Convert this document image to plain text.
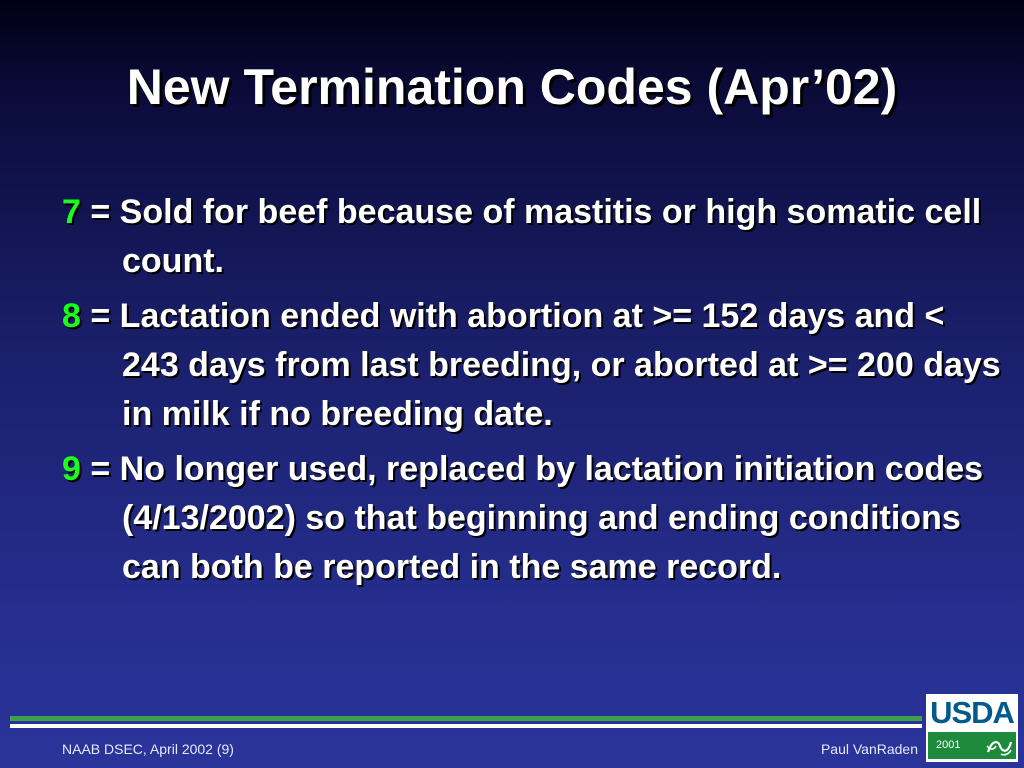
New Termination Codes (Apr’02)
7 = Sold for beef because of mastitis or high somatic cell count.
8 = Lactation ended with abortion at >= 152 days and < 243 days from last breeding, or aborted at >= 200 days in milk if no breeding date.
9 = No longer used, replaced by lactation initiation codes (4/13/2002) so that beginning and ending conditions can both be reported in the same record.
NAAB DSEC, April 2002 (9)	Paul VanRaden
USDA
2001
